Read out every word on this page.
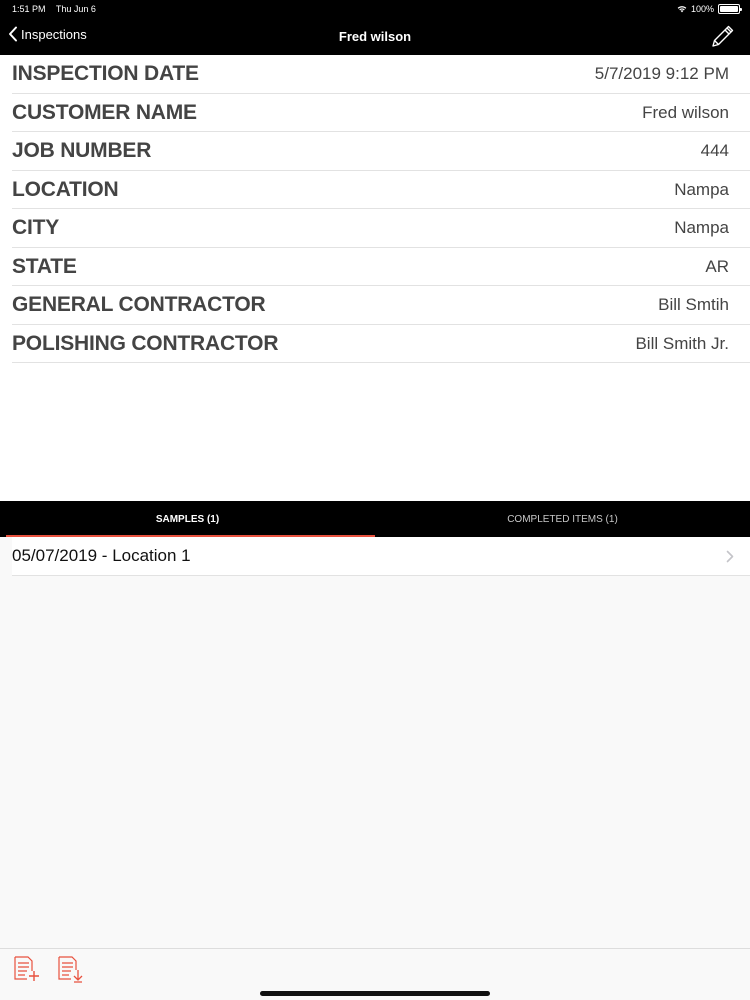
1:51 PM Thu Jun 6	100%
Inspections	Fred wilson
INSPECTION DATE	5/7/2019 9:12 PM
CUSTOMER NAME	Fred wilson
JOB NUMBER	444
LOCATION	Nampa
CITY	Nampa
STATE	AR
GENERAL CONTRACTOR	Bill Smtih
POLISHING CONTRACTOR	Bill Smith Jr.
SAMPLES (1)	COMPLETED ITEMS (1)
05/07/2019 - Location 1
